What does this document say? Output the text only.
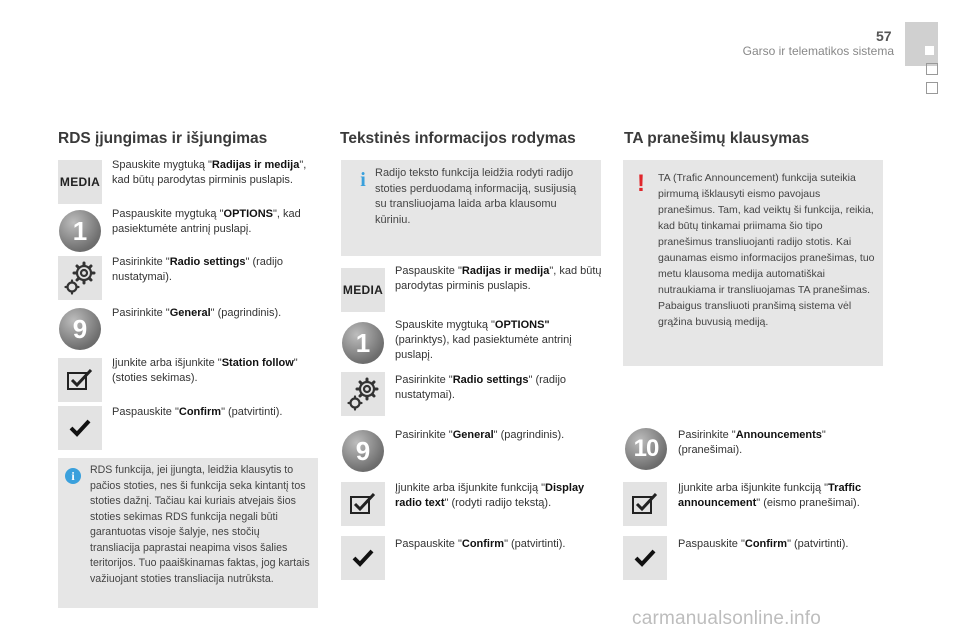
57
Garso ir telematikos sistema
RDS įjungimas ir išjungimas
MEDIA
1
9
Spauskite mygtuką "Radijas ir medija", kad būtų parodytas pirminis puslapis.
Paspauskite mygtuką "OPTIONS", kad pasiektumėte antrinį puslapį.
Pasirinkite "Radio settings" (radijo nustatymai).
Pasirinkite "General" (pagrindinis).
Įjunkite arba išjunkite "Station follow" (stoties sekimas).
Paspauskite "Confirm" (patvirtinti).
i	RDS funkcija, jei įjungta, leidžia klausytis to pačios stoties, nes ši funkcija seka kintantį tos stoties dažnį. Tačiau kai kuriais atvejais šios stoties sekimas RDS funkcija negali būti garantuotas visoje šalyje, nes stočių transliacija paprastai neapima visos šalies teritorijos. Tuo paaiškinamas faktas, jog kartais važiuojant stoties transliacija nutrūksta.
Tekstinės informacijos rodymas
i Radijo teksto funkcija leidžia rodyti radijo stoties perduodamą informaciją, susijusią su transliuojama laida arba klausomu kūriniu.
MEDIA
1
9
Paspauskite "Radijas ir medija", kad būtų parodytas pirminis puslapis.
Spauskite mygtuką "OPTIONS" (parinktys), kad pasiektumėte antrinį puslapį.
Pasirinkite "Radio settings" (radijo nustatymai).
Pasirinkite "General" (pagrindinis).
Įjunkite arba išjunkite funkciją "Display radio text" (rodyti radijo tekstą).
Paspauskite "Confirm" (patvirtinti).
TA pranešimų klausymas
! TA (Trafic Announcement) funkcija suteikia pirmumą išklausyti eismo pavojaus pranešimus. Tam, kad veiktų ši funkcija, reikia, kad būtų tinkamai priimama šio tipo pranešimus transliuojanti radijo stotis. Kai gaunamas eismo informacijos pranešimas, tuo metu klausoma medija automatiškai nutraukiama ir transliuojamas TA pranešimas. Pabaigus transliuoti pranšimą sistema vėl grąžina buvusią mediją.
10 Pasirinkite "Announcements" (pranešimai).
Įjunkite arba išjunkite funkciją "Traffic announcement" (eismo pranešimai).
Paspauskite "Confirm" (patvirtinti).
carmanualsonline.info
